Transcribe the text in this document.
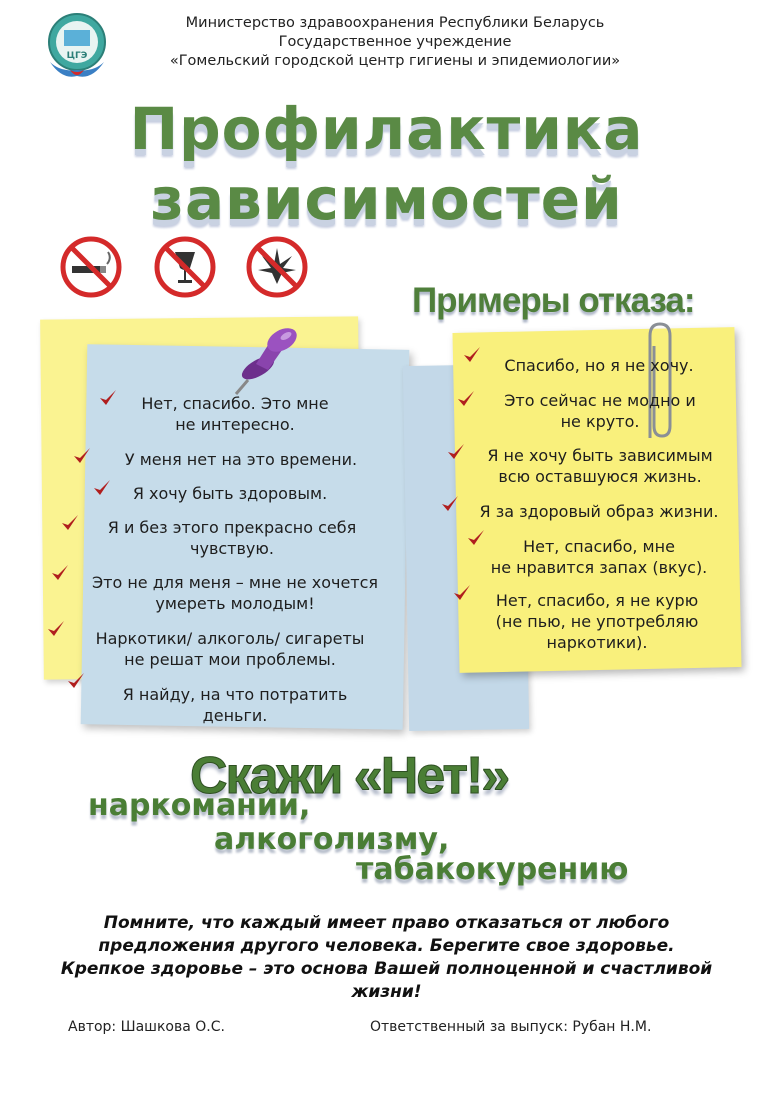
ЦГЭ
Министерство здравоохранения Республики Беларусь
Государственное учреждение
«Гомельский городской центр гигиены и эпидемиологии»
Профилактика
зависимостей
Примеры отказа:
Нет, спасибо. Это мне
не интересно.
У меня нет на это времени.
Я хочу быть здоровым.
Я и без этого прекрасно себя
чувствую.
Это не для меня – мне не хочется
умереть молодым!
Наркотики/ алкоголь/ сигареты
не решат мои проблемы.
Я найду, на что потратить
деньги.
Спасибо, но я не хочу.
Это сейчас не модно и
не круто.
Я не хочу быть зависимым
всю оставшуюся жизнь.
Я за здоровый образ жизни.
Нет, спасибо, мне
не нравится запах (вкус).
Нет, спасибо, я не курю
(не пью, не употребляю
наркотики).
Скажи «Нет!»
наркомании,
алкоголизму,
табакокурению
Помните, что каждый имеет право отказаться от любого предложения другого человека. Берегите свое здоровье. Крепкое здоровье – это основа Вашей полноценной и счастливой жизни!
Автор: Шашкова О.С.	Ответственный за выпуск: Рубан Н.М.
